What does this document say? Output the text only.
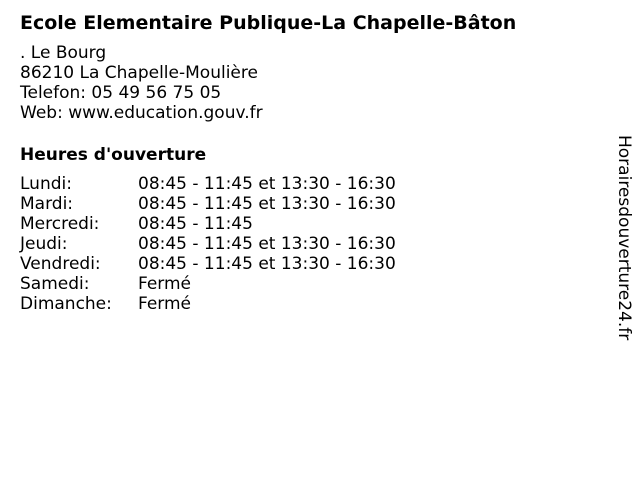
Ecole Elementaire Publique-La Chapelle-Bâton
. Le Bourg
86210 La Chapelle-Moulière
Telefon: 05 49 56 75 05
Web: www.education.gouv.fr
Heures d'ouverture
Lundi:	08:45 - 11:45 et 13:30 - 16:30
Mardi:	08:45 - 11:45 et 13:30 - 16:30
Mercredi:	08:45 - 11:45
Jeudi:	08:45 - 11:45 et 13:30 - 16:30
Vendredi:	08:45 - 11:45 et 13:30 - 16:30
Samedi:	Fermé
Dimanche:	Fermé	Horairesdouverture24.fr
